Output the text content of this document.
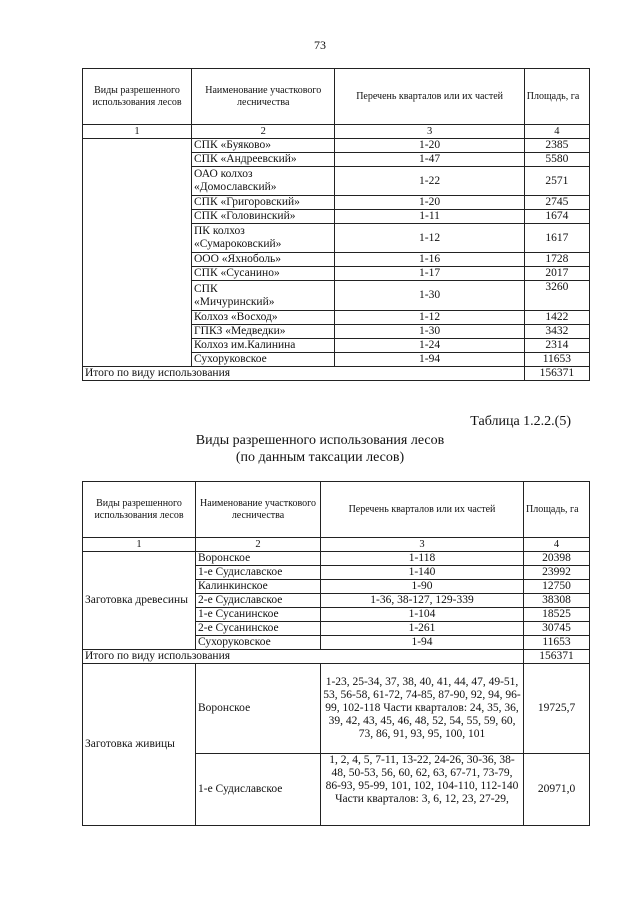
73
Виды разрешенного использования лесов	Наименование участкового лесничества	Перечень кварталов или их частей	Площадь, га
1	2	3	4
	СПК «Буяково»	1-20	2385
	СПК «Андреевский»	1-47	5580
	ОАО колхоз «Домославский»	1-22	2571
	СПК «Григоровский»	1-20	2745
	СПК «Головинский»	1-11	1674
	ПК колхоз «Сумароковский»	1-12	1617
	ООО «Яхноболь»	1-16	1728
	СПК «Сусанино»	1-17	2017
	СПК «Мичуринский»	1-30	3260
	Колхоз «Восход»	1-12	1422
	ГПКЗ «Медведки»	1-30	3432
	Колхоз им.Калинина	1-24	2314
	Сухоруковское	1-94	11653
Итого по виду использования			156371
Таблица 1.2.2.(5)
Виды разрешенного использования лесов
(по данным таксации лесов)
Виды разрешенного использования лесов	Наименование участкового лесничества	Перечень кварталов или их частей	Площадь, га
1	2	3	4
Заготовка древесины	Воронское	1-118	20398
	1-е Судиславское	1-140	23992
	Калинкинское	1-90	12750
	2-е Судиславское	1-36, 38-127, 129-339	38308
	1-е Сусанинское	1-104	18525
	2-е Сусанинское	1-261	30745
	Сухоруковское	1-94	11653
Итого по виду использования			156371
Заготовка живицы	Воронское	1-23, 25-34, 37, 38, 40, 41, 44, 47, 49-51, 53, 56-58, 61-72, 74-85, 87-90, 92, 94, 96-99, 102-118 Части кварталов: 24, 35, 36, 39, 42, 43, 45, 46, 48, 52, 54, 55, 59, 60, 73, 86, 91, 93, 95, 100, 101	19725,7
	1-е Судиславское	1, 2, 4, 5, 7-11, 13-22, 24-26, 30-36, 38-48, 50-53, 56, 60, 62, 63, 67-71, 73-79, 86-93, 95-99, 101, 102, 104-110, 112-140 Части кварталов: 3, 6, 12, 23, 27-29,	20971,0
